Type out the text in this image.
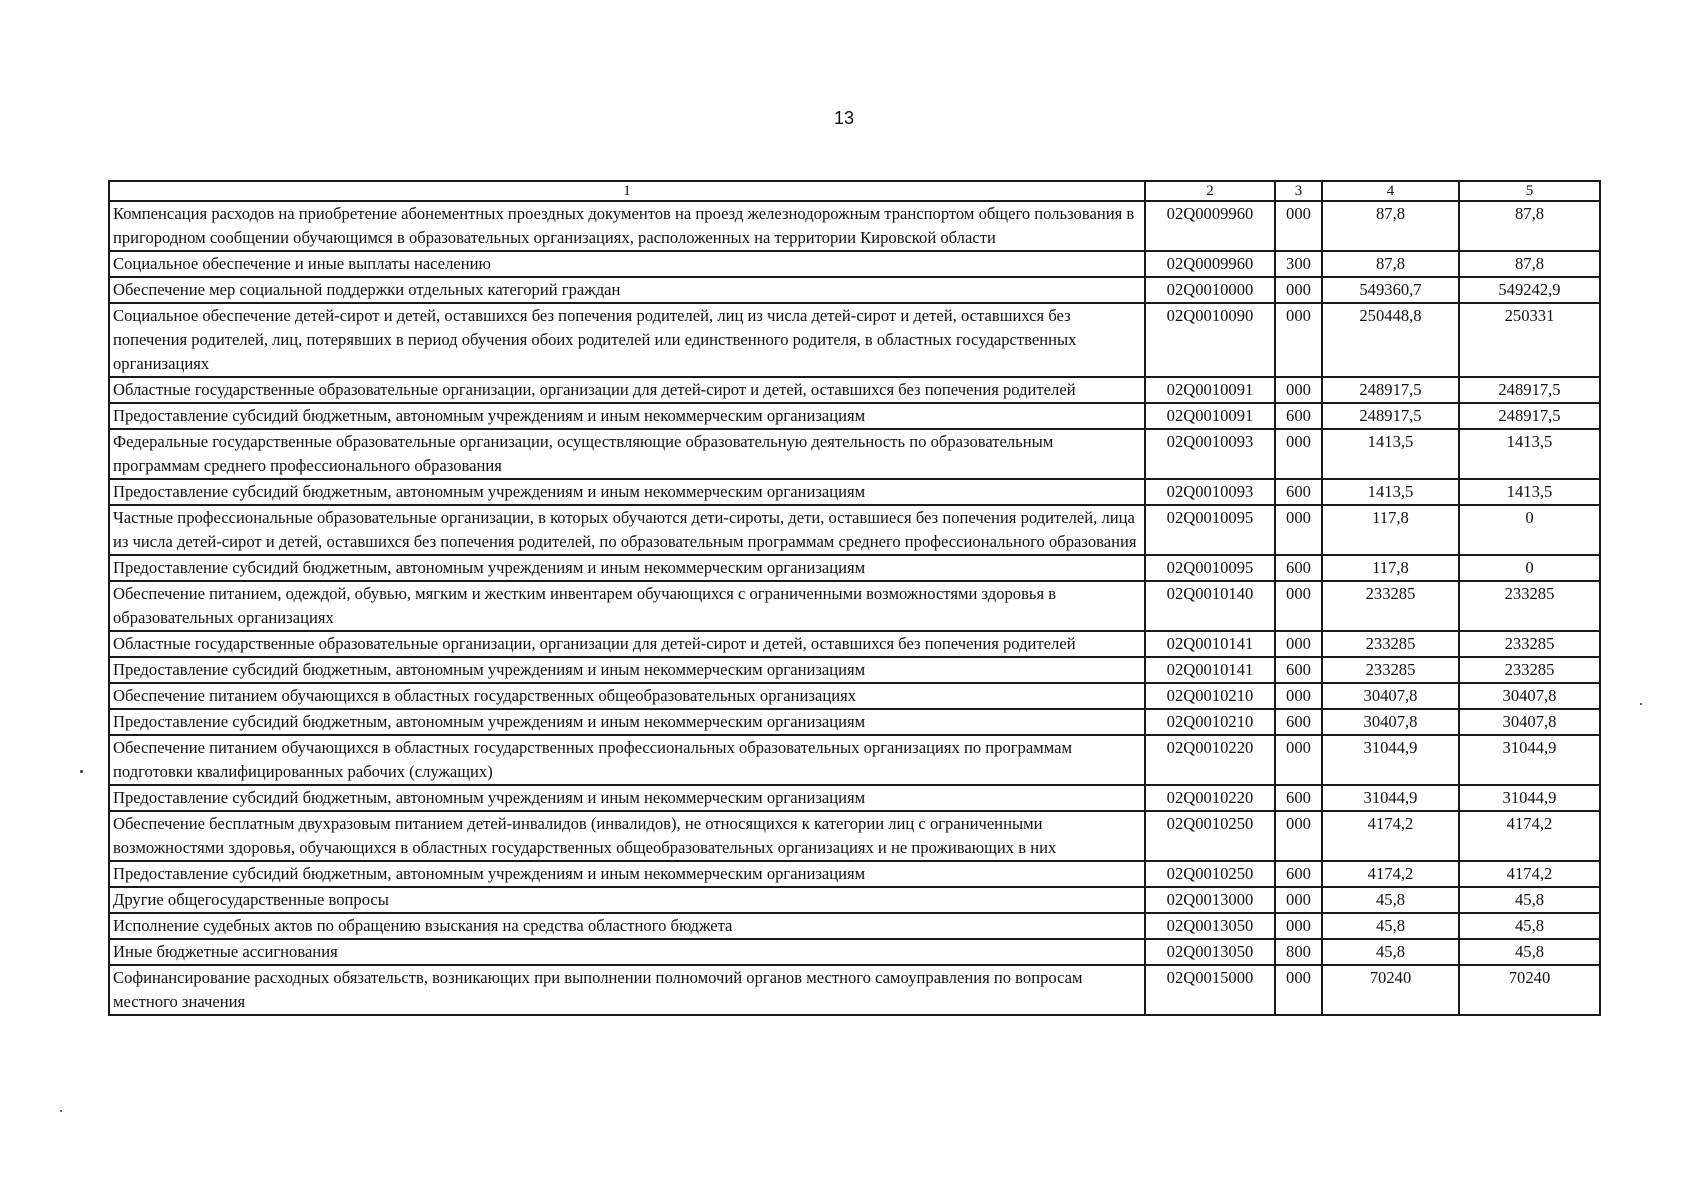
13
1	2	3	4	5
Компенсация расходов на приобретение абонементных проездных документов на проезд железнодорожным транспортом общего пользования в пригородном сообщении обучающимся в образовательных организациях, расположенных на территории Кировской области	02Q0009960	000	87,8	87,8
Социальное обеспечение и иные выплаты населению	02Q0009960	300	87,8	87,8
Обеспечение мер социальной поддержки отдельных категорий граждан	02Q0010000	000	549360,7	549242,9
Социальное обеспечение детей-сирот и детей, оставшихся без попечения родителей, лиц из числа детей-сирот и детей, оставшихся без попечения родителей, лиц, потерявших в период обучения обоих родителей или единственного родителя, в областных государственных организациях	02Q0010090	000	250448,8	250331
Областные государственные образовательные организации, организации для детей-сирот и детей, оставшихся без попечения родителей	02Q0010091	000	248917,5	248917,5
Предоставление субсидий бюджетным, автономным учреждениям и иным некоммерческим организациям	02Q0010091	600	248917,5	248917,5
Федеральные государственные образовательные организации, осуществляющие образовательную деятельность по образовательным программам среднего профессионального образования	02Q0010093	000	1413,5	1413,5
Предоставление субсидий бюджетным, автономным учреждениям и иным некоммерческим организациям	02Q0010093	600	1413,5	1413,5
Частные профессиональные образовательные организации, в которых обучаются дети-сироты, дети, оставшиеся без попечения родителей, лица из числа детей-сирот и детей, оставшихся без попечения родителей, по образовательным программам среднего профессионального образования	02Q0010095	000	117,8	0
Предоставление субсидий бюджетным, автономным учреждениям и иным некоммерческим организациям	02Q0010095	600	117,8	0
Обеспечение питанием, одеждой, обувью, мягким и жестким инвентарем обучающихся с ограниченными возможностями здоровья в образовательных организациях	02Q0010140	000	233285	233285
Областные государственные образовательные организации, организации для детей-сирот и детей, оставшихся без попечения родителей	02Q0010141	000	233285	233285
Предоставление субсидий бюджетным, автономным учреждениям и иным некоммерческим организациям	02Q0010141	600	233285	233285
Обеспечение питанием обучающихся в областных государственных общеобразовательных организациях	02Q0010210	000	30407,8	30407,8
Предоставление субсидий бюджетным, автономным учреждениям и иным некоммерческим организациям	02Q0010210	600	30407,8	30407,8
Обеспечение питанием обучающихся в областных государственных профессиональных образовательных организациях по программам подготовки квалифицированных рабочих (служащих)	02Q0010220	000	31044,9	31044,9
Предоставление субсидий бюджетным, автономным учреждениям и иным некоммерческим организациям	02Q0010220	600	31044,9	31044,9
Обеспечение бесплатным двухразовым питанием детей-инвалидов (инвалидов), не относящихся к категории лиц с ограниченными возможностями здоровья, обучающихся в областных государственных общеобразовательных организациях и не проживающих в них	02Q0010250	000	4174,2	4174,2
Предоставление субсидий бюджетным, автономным учреждениям и иным некоммерческим организациям	02Q0010250	600	4174,2	4174,2
Другие общегосударственные вопросы	02Q0013000	000	45,8	45,8
Исполнение судебных актов по обращению взыскания на средства областного бюджета	02Q0013050	000	45,8	45,8
Иные бюджетные ассигнования	02Q0013050	800	45,8	45,8
Софинансирование расходных обязательств, возникающих при выполнении полномочий органов местного самоуправления по вопросам местного значения	02Q0015000	000	70240	70240
